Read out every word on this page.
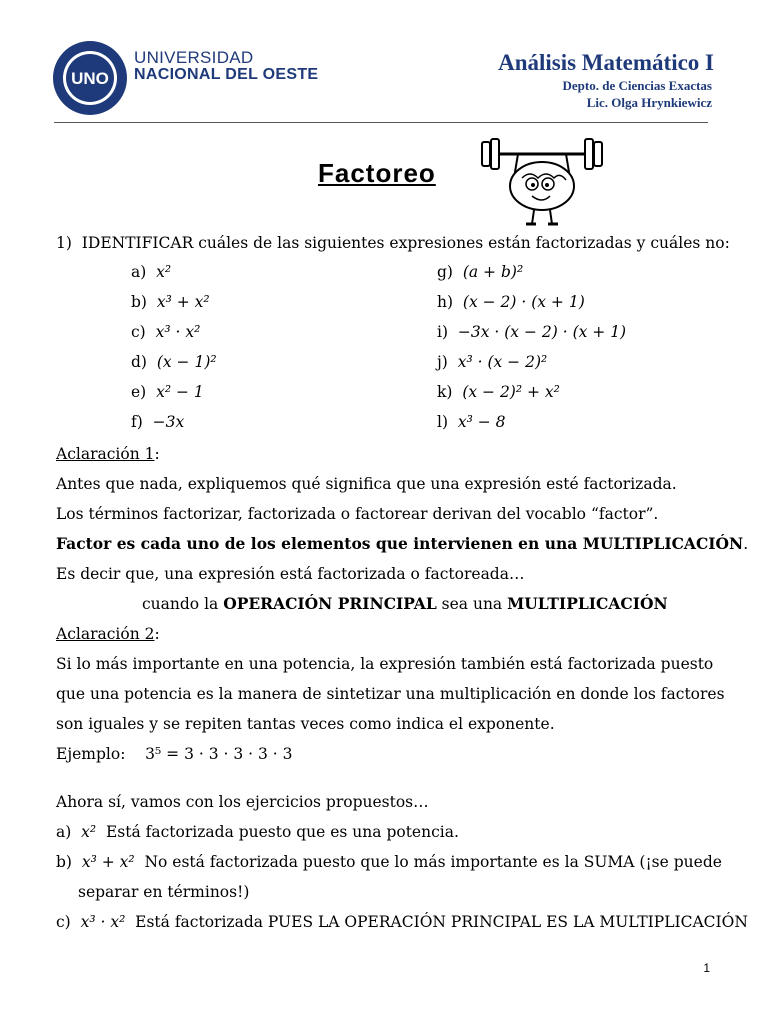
UNO
UNIVERSIDAD
NACIONAL DEL OESTE	Análisis Matemático I
Depto. de Ciencias Exactas
Lic. Olga Hrynkiewicz
Factoreo
1) IDENTIFICAR cuáles de las siguientes expresiones están factorizadas y cuáles no:
a) x²
b) x³ + x²
c) x³ · x²
d) (x − 1)²
e) x² − 1
f) −3x
g) (a + b)²
h) (x − 2) · (x + 1)
i) −3x · (x − 2) · (x + 1)
j) x³ · (x − 2)²
k) (x − 2)² + x²
l) x³ − 8
Aclaración 1:
Antes que nada, expliquemos qué significa que una expresión esté factorizada.
Los términos factorizar, factorizada o factorear derivan del vocablo “factor”.
Factor es cada uno de los elementos que intervienen en una MULTIPLICACIÓN.
Es decir que, una expresión está factorizada o factoreada…
cuando la OPERACIÓN PRINCIPAL sea una MULTIPLICACIÓN
Aclaración 2:
Si lo más importante en una potencia, la expresión también está factorizada puesto
que una potencia es la manera de sintetizar una multiplicación en donde los factores
son iguales y se repiten tantas veces como indica el exponente.
Ejemplo: 3⁵ = 3 · 3 · 3 · 3 · 3
Ahora sí, vamos con los ejercicios propuestos…
a) x² Está factorizada puesto que es una potencia.
b) x³ + x² No está factorizada puesto que lo más importante es la SUMA (¡se puede
separar en términos!)
c) x³ · x² Está factorizada PUES LA OPERACIÓN PRINCIPAL ES LA MULTIPLICACIÓN
1
